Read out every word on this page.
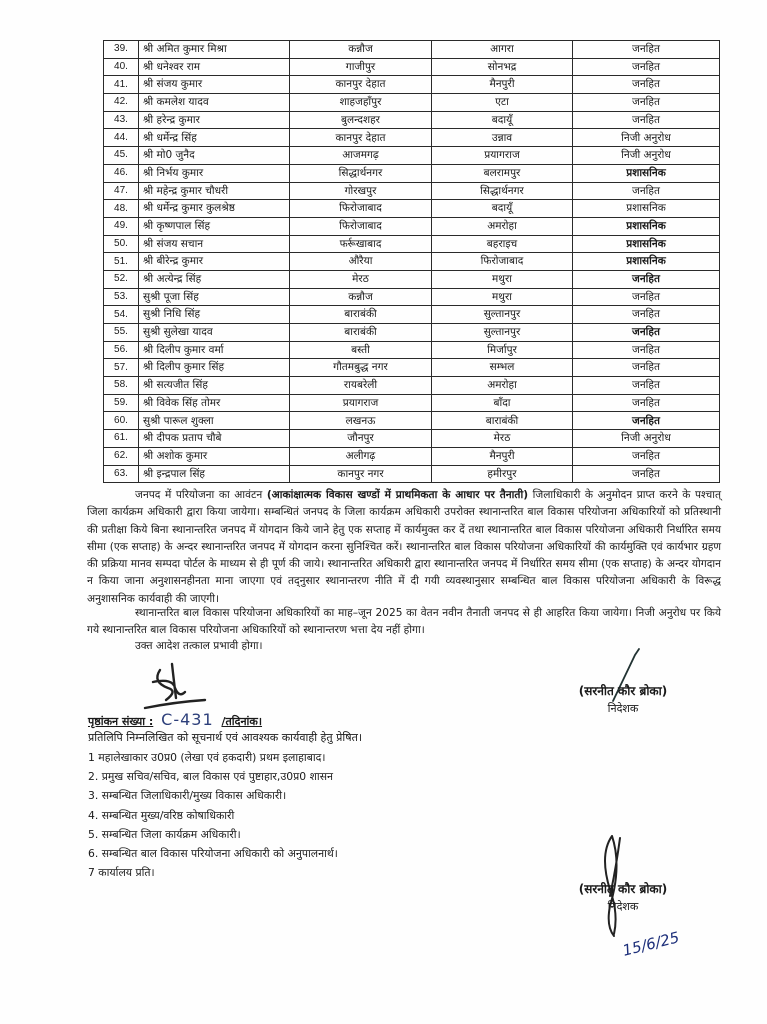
39.	श्री अमित कुमार मिश्रा	कन्नौज	आगरा	जनहित
40.	श्री धनेश्वर राम	गाजीपुर	सोनभद्र	जनहित
41.	श्री संजय कुमार	कानपुर देहात	मैनपुरी	जनहित
42.	श्री कमलेश यादव	शाहजहाँपुर	एटा	जनहित
43.	श्री हरेन्द्र कुमार	बुलन्दशहर	बदायूँ	जनहित
44.	श्री धर्मेन्द्र सिंह	कानपुर देहात	उन्नाव	निजी अनुरोध
45.	श्री मो0 जुनैद	आजमगढ़	प्रयागराज	निजी अनुरोध
46.	श्री निर्भय कुमार	सिद्धार्थनगर	बलरामपुर	प्रशासनिक
47.	श्री महेन्द्र कुमार चौधरी	गोरखपुर	सिद्धार्थनगर	जनहित
48.	श्री धर्मेन्द्र कुमार कुलश्रेष्ठ	फिरोजाबाद	बदायूँ	प्रशासनिक
49.	श्री कृष्णपाल सिंह	फिरोजाबाद	अमरोहा	प्रशासनिक
50.	श्री संजय सचान	फर्रूखाबाद	बहराइच	प्रशासनिक
51.	श्री बीरेन्द्र कुमार	औरैया	फिरोजाबाद	प्रशासनिक
52.	श्री अत्येन्द्र सिंह	मेरठ	मथुरा	जनहित
53.	सुश्री पूजा सिंह	कन्नौज	मथुरा	जनहित
54.	सुश्री निधि सिंह	बाराबंकी	सुल्तानपुर	जनहित
55.	सुश्री सुलेखा यादव	बाराबंकी	सुल्तानपुर	जनहित
56.	श्री दिलीप कुमार वर्मा	बस्ती	मिर्जापुर	जनहित
57.	श्री दिलीप कुमार सिंह	गौतमबुद्ध नगर	सम्भल	जनहित
58.	श्री सत्यजीत सिंह	रायबरेली	अमरोहा	जनहित
59.	श्री विवेक सिंह तोमर	प्रयागराज	बाँदा	जनहित
60.	सुश्री पारूल शुक्ला	लखनऊ	बाराबंकी	जनहित
61.	श्री दीपक प्रताप चौबे	जौनपुर	मेरठ	निजी अनुरोध
62.	श्री अशोक कुमार	अलीगढ़	मैनपुरी	जनहित
63.	श्री इन्द्रपाल सिंह	कानपुर नगर	हमीरपुर	जनहित

जनपद में परियोजना का आवंटन (आकांक्षात्मक विकास खण्डों में प्राथमिकता के आधार पर तैनाती) जिलाधिकारी के अनुमोदन प्राप्त करने के पश्चात् जिला कार्यक्रम अधिकारी द्वारा किया जायेगा। सम्बन्धितं जनपद के जिला कार्यक्रम अधिकारी उपरोक्त स्थानान्तरित बाल विकास परियोजना अधिकारियों को प्रतिस्थानी की प्रतीक्षा किये बिना स्थानान्तरित जनपद में योगदान किये जाने हेतु एक सप्ताह में कार्यमुक्त कर दें तथा स्थानान्तरित बाल विकास परियोजना अधिकारी निर्धारित समय सीमा (एक सप्ताह) के अन्दर स्थानान्तरित जनपद में योगदान करना सुनिश्चित करें। स्थानान्तरित बाल विकास परियोजना अधिकारियों की कार्यमुक्ति एवं कार्यभार ग्रहण की प्रक्रिया मानव सम्पदा पोर्टल के माध्यम से ही पूर्ण की जाये। स्थानान्तरित अधिकारी द्वारा स्थानान्तरित जनपद में निर्धारित समय सीमा (एक सप्ताह) के अन्दर योगदान न किया जाना अनुशासनहीनता माना जाएगा एवं तद्नुसार स्थानान्तरण नीति में दी गयी व्यवस्थानुसार सम्बन्धित बाल विकास परियोजना अधिकारी के विरूद्ध अनुशासनिक कार्यवाही की जाएगी।

स्थानान्तरित बाल विकास परियोजना अधिकारियों का माह–जून 2025 का वेतन नवीन तैनाती जनपद से ही आहरित किया जायेगा। निजी अनुरोध पर किये गये स्थानान्तरित बाल विकास परियोजना अधिकारियों को स्थानान्तरण भत्ता देय नहीं होगा।

उक्त आदेश तत्काल प्रभावी होगा।

(सरनीत कौर ब्रोका)
निदेशक
पृष्ठांकन संख्या : C-431 /तदिनांक।
प्रतिलिपि निम्नलिखित को सूचनार्थ एवं आवश्यक कार्यवाही हेतु प्रेषित।
1 महालेखाकार उ0प्र0 (लेखा एवं हकदारी) प्रथम इलाहाबाद।
2. प्रमुख सचिव/सचिव, बाल विकास एवं पुष्टाहार,उ0प्र0 शासन
3. सम्बन्धित जिलाधिकारी/मुख्य विकास अधिकारी।
4. सम्बन्धित मुख्य/वरिष्ठ कोषाधिकारी
5. सम्बन्धित जिला कार्यक्रम अधिकारी।
6. सम्बन्धित बाल विकास परियोजना अधिकारी को अनुपालनार्थ।
7 कार्यालय प्रति।
(सरनीत कौर ब्रोका)
निदेशक
15/6/25
